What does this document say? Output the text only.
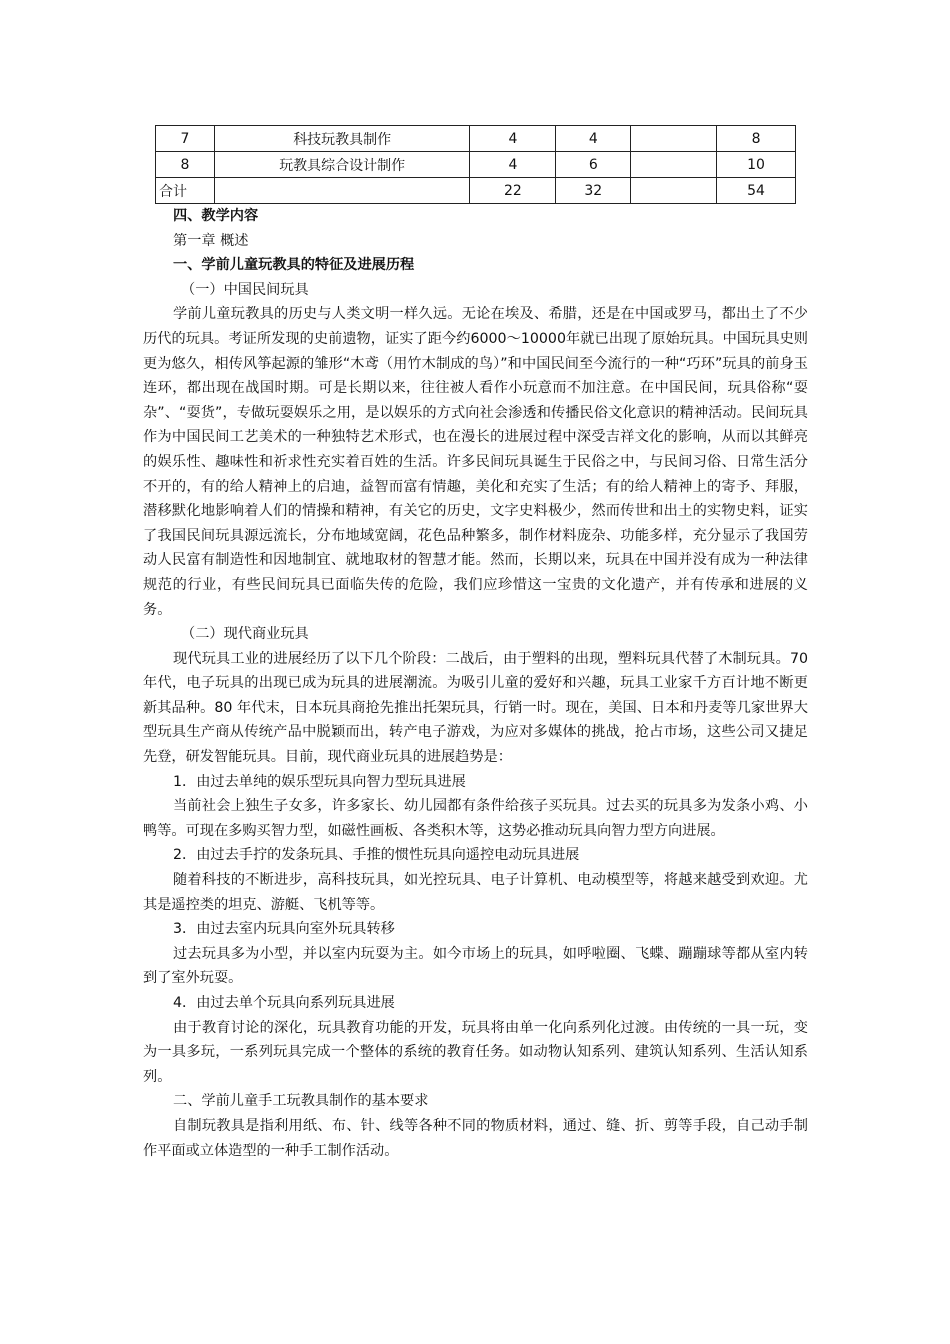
7	科技玩教具制作	4	4		8
8	玩教具综合设计制作	4	6		10
合计		22	32		54

四、教学内容

第一章 概述

一、学前儿童玩教具的特征及进展历程

（一）中国民间玩具

学前儿童玩教具的历史与人类文明一样久远。无论在埃及、希腊，还是在中国或罗马，都出土了不少历代的玩具。考证所发现的史前遗物，证实了距今约6000～10000年就已出现了原始玩具。中国玩具史则更为悠久，相传风筝起源的雏形“木鸢（用竹木制成的鸟）”和中国民间至今流行的一种“巧环”玩具的前身玉连环，都出现在战国时期。可是长期以来，往往被人看作小玩意而不加注意。在中国民间，玩具俗称“耍杂”、“耍货”，专做玩耍娱乐之用，是以娱乐的方式向社会渗透和传播民俗文化意识的精神活动。民间玩具作为中国民间工艺美术的一种独特艺术形式，也在漫长的进展过程中深受吉祥文化的影响，从而以其鲜亮的娱乐性、趣味性和祈求性充实着百姓的生活。许多民间玩具诞生于民俗之中，与民间习俗、日常生活分不开的，有的给人精神上的启迪，益智而富有情趣，美化和充实了生活；有的给人精神上的寄予、拜服，潜移默化地影响着人们的情操和精神，有关它的历史，文字史料极少，然而传世和出土的实物史料，证实了我国民间玩具源远流长，分布地域宽阔，花色品种繁多，制作材料庞杂、功能多样，充分显示了我国劳动人民富有制造性和因地制宜、就地取材的智慧才能。然而，长期以来，玩具在中国并没有成为一种法律规范的行业，有些民间玩具已面临失传的危险，我们应珍惜这一宝贵的文化遗产，并有传承和进展的义务。

（二）现代商业玩具

现代玩具工业的进展经历了以下几个阶段：二战后，由于塑料的出现，塑料玩具代替了木制玩具。70 年代，电子玩具的出现已成为玩具的进展潮流。为吸引儿童的爱好和兴趣，玩具工业家千方百计地不断更新其品种。80 年代末，日本玩具商抢先推出托架玩具，行销一时。现在，美国、日本和丹麦等几家世界大型玩具生产商从传统产品中脱颖而出，转产电子游戏，为应对多媒体的挑战，抢占市场，这些公司又捷足先登，研发智能玩具。目前，现代商业玩具的进展趋势是：

1．由过去单纯的娱乐型玩具向智力型玩具进展

当前社会上独生子女多，许多家长、幼儿园都有条件给孩子买玩具。过去买的玩具多为发条小鸡、小鸭等。可现在多购买智力型，如磁性画板、各类积木等，这势必推动玩具向智力型方向进展。

2．由过去手拧的发条玩具、手推的惯性玩具向遥控电动玩具进展

随着科技的不断进步，高科技玩具，如光控玩具、电子计算机、电动模型等，将越来越受到欢迎。尤其是遥控类的坦克、游艇、飞机等等。

3．由过去室内玩具向室外玩具转移

过去玩具多为小型，并以室内玩耍为主。如今市场上的玩具，如呼啦圈、飞蝶、蹦蹦球等都从室内转到了室外玩耍。

4．由过去单个玩具向系列玩具进展

由于教育讨论的深化，玩具教育功能的开发，玩具将由单一化向系列化过渡。由传统的一具一玩，变为一具多玩，一系列玩具完成一个整体的系统的教育任务。如动物认知系列、建筑认知系列、生活认知系列。

二、学前儿童手工玩教具制作的基本要求

自制玩教具是指利用纸、布、针、线等各种不同的物质材料，通过、缝、折、剪等手段，自己动手制作平面或立体造型的一种手工制作活动。
